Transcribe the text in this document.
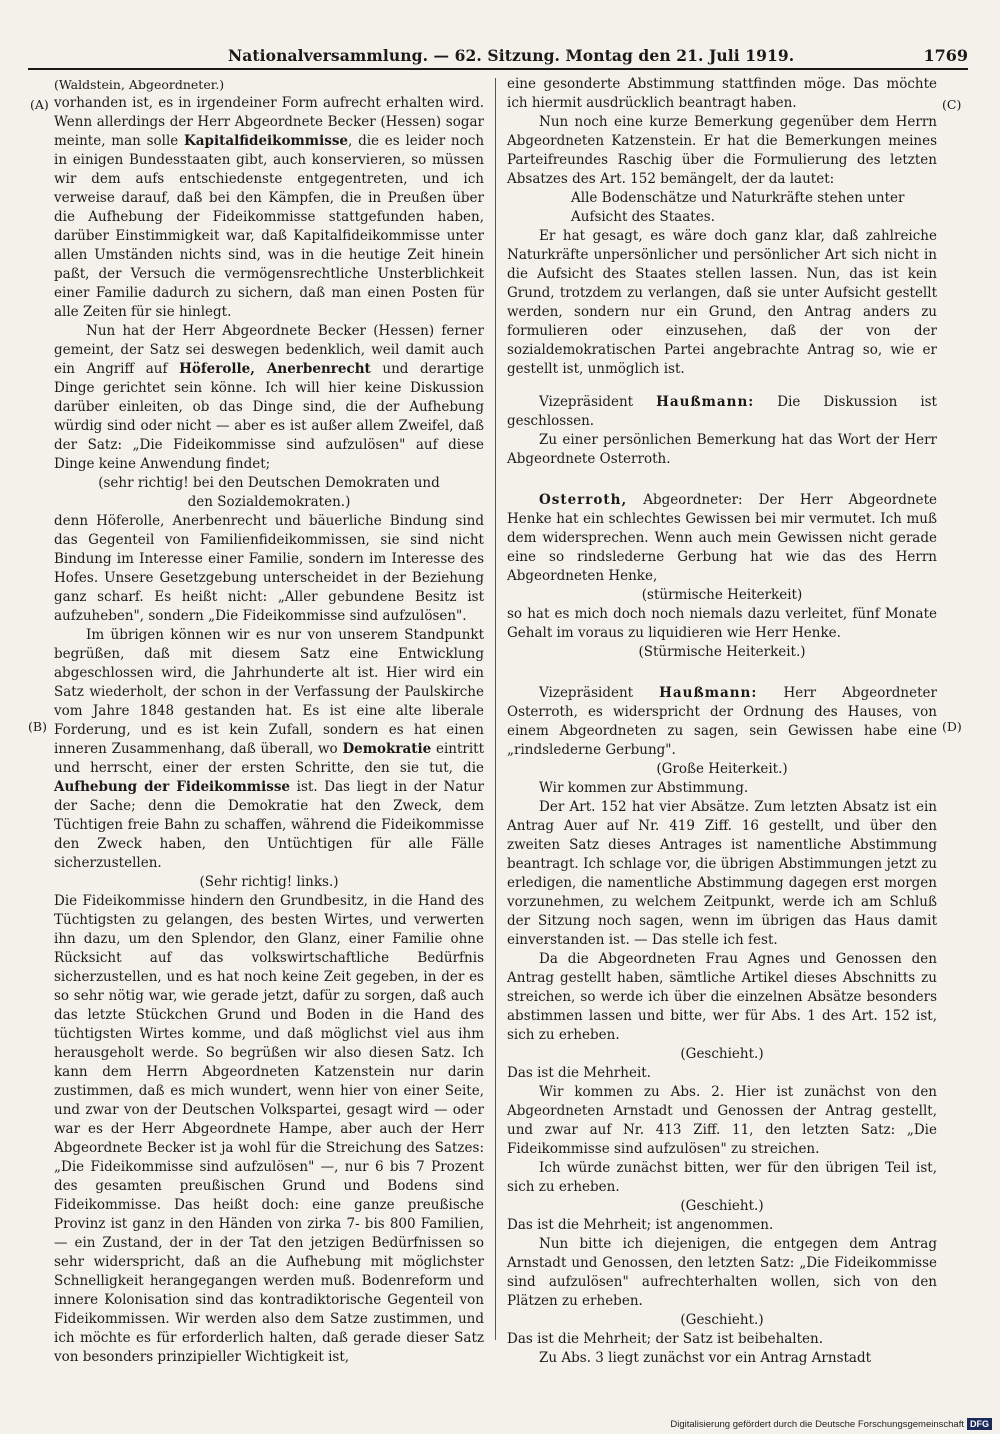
Nationalversammlung. — 62. Sitzung. Montag den 21. Juli 1919.	1769
(A)
(B)
(C)
(D)

(Waldstein, Abgeordneter.)

vorhanden ist, es in irgendeiner Form aufrecht erhalten wird. Wenn allerdings der Herr Abgeordnete Becker (Hessen) sogar meinte, man solle Kapitalfideikommisse, die es leider noch in einigen Bundesstaaten gibt, auch konservieren, so müssen wir dem aufs entschiedenste entgegentreten, und ich verweise darauf, daß bei den Kämpfen, die in Preußen über die Aufhebung der Fideikommisse stattgefunden haben, darüber Einstimmigkeit war, daß Kapitalfideikommisse unter allen Umständen nichts sind, was in die heutige Zeit hinein paßt, der Versuch die vermögensrechtliche Unsterblichkeit einer Familie dadurch zu sichern, daß man einen Posten für alle Zeiten für sie hinlegt.

Nun hat der Herr Abgeordnete Becker (Hessen) ferner gemeint, der Satz sei deswegen bedenklich, weil damit auch ein Angriff auf Höferolle, Anerbenrecht und derartige Dinge gerichtet sein könne. Ich will hier keine Diskussion darüber einleiten, ob das Dinge sind, die der Aufhebung würdig sind oder nicht — aber es ist außer allem Zweifel, daß der Satz: „Die Fideikommisse sind aufzulösen" auf diese Dinge keine Anwendung findet;

(sehr richtig! bei den Deutschen Demokraten und

den Sozialdemokraten.)

denn Höferolle, Anerbenrecht und bäuerliche Bindung sind das Gegenteil von Familienfideikommissen, sie sind nicht Bindung im Interesse einer Familie, sondern im Interesse des Hofes. Unsere Gesetzgebung unterscheidet in der Beziehung ganz scharf. Es heißt nicht: „Aller gebundene Besitz ist aufzuheben", sondern „Die Fideikommisse sind aufzulösen".

Im übrigen können wir es nur von unserem Standpunkt begrüßen, daß mit diesem Satz eine Entwicklung abgeschlossen wird, die Jahrhunderte alt ist. Hier wird ein Satz wiederholt, der schon in der Verfassung der Paulskirche vom Jahre 1848 gestanden hat. Es ist eine alte liberale Forderung, und es ist kein Zufall, sondern es hat einen inneren Zusammenhang, daß überall, wo Demokratie eintritt und herrscht, einer der ersten Schritte, den sie tut, die Aufhebung der Fideikommisse ist. Das liegt in der Natur der Sache; denn die Demokratie hat den Zweck, dem Tüchtigen freie Bahn zu schaffen, während die Fideikommisse den Zweck haben, den Untüchtigen für alle Fälle sicherzustellen.

(Sehr richtig! links.)

Die Fideikommisse hindern den Grundbesitz, in die Hand des Tüchtigsten zu gelangen, des besten Wirtes, und verwerten ihn dazu, um den Splendor, den Glanz, einer Familie ohne Rücksicht auf das volkswirtschaftliche Bedürfnis sicherzustellen, und es hat noch keine Zeit gegeben, in der es so sehr nötig war, wie gerade jetzt, dafür zu sorgen, daß auch das letzte Stückchen Grund und Boden in die Hand des tüchtigsten Wirtes komme, und daß möglichst viel aus ihm herausgeholt werde. So begrüßen wir also diesen Satz. Ich kann dem Herrn Abgeordneten Katzenstein nur darin zustimmen, daß es mich wundert, wenn hier von einer Seite, und zwar von der Deutschen Volkspartei, gesagt wird — oder war es der Herr Abgeordnete Hampe, aber auch der Herr Abgeordnete Becker ist ja wohl für die Streichung des Satzes: „Die Fideikommisse sind aufzulösen" —, nur 6 bis 7 Prozent des gesamten preußischen Grund und Bodens sind Fideikommisse. Das heißt doch: eine ganze preußische Provinz ist ganz in den Händen von zirka 7- bis 800 Familien, — ein Zustand, der in der Tat den jetzigen Bedürfnissen so sehr widerspricht, daß an die Aufhebung mit möglichster Schnelligkeit herangegangen werden muß. Bodenreform und innere Kolonisation sind das kontradiktorische Gegenteil von Fideikommissen. Wir werden also dem Satze zustimmen, und ich möchte es für erforderlich halten, daß gerade dieser Satz von besonders prinzipieller Wichtigkeit ist,

eine gesonderte Abstimmung stattfinden möge. Das möchte ich hiermit ausdrücklich beantragt haben.

Nun noch eine kurze Bemerkung gegenüber dem Herrn Abgeordneten Katzenstein. Er hat die Bemerkungen meines Parteifreundes Raschig über die Formulierung des letzten Absatzes des Art. 152 bemängelt, der da lautet:

Alle Bodenschätze und Naturkräfte stehen unter Aufsicht des Staates.

Er hat gesagt, es wäre doch ganz klar, daß zahlreiche Naturkräfte unpersönlicher und persönlicher Art sich nicht in die Aufsicht des Staates stellen lassen. Nun, das ist kein Grund, trotzdem zu verlangen, daß sie unter Aufsicht gestellt werden, sondern nur ein Grund, den Antrag anders zu formulieren oder einzusehen, daß der von der sozialdemokratischen Partei angebrachte Antrag so, wie er gestellt ist, unmöglich ist.

Vizepräsident Haußmann: Die Diskussion ist geschlossen.

Zu einer persönlichen Bemerkung hat das Wort der Herr Abgeordnete Osterroth.

Osterroth, Abgeordneter: Der Herr Abgeordnete Henke hat ein schlechtes Gewissen bei mir vermutet. Ich muß dem widersprechen. Wenn auch mein Gewissen nicht gerade eine so rindslederne Gerbung hat wie das des Herrn Abgeordneten Henke,

(stürmische Heiterkeit)

so hat es mich doch noch niemals dazu verleitet, fünf Monate Gehalt im voraus zu liquidieren wie Herr Henke.

(Stürmische Heiterkeit.)

Vizepräsident Haußmann: Herr Abgeordneter Osterroth, es widerspricht der Ordnung des Hauses, von einem Abgeordneten zu sagen, sein Gewissen habe eine „rindslederne Gerbung".

(Große Heiterkeit.)

Wir kommen zur Abstimmung.

Der Art. 152 hat vier Absätze. Zum letzten Absatz ist ein Antrag Auer auf Nr. 419 Ziff. 16 gestellt, und über den zweiten Satz dieses Antrages ist namentliche Abstimmung beantragt. Ich schlage vor, die übrigen Abstimmungen jetzt zu erledigen, die namentliche Abstimmung dagegen erst morgen vorzunehmen, zu welchem Zeitpunkt, werde ich am Schluß der Sitzung noch sagen, wenn im übrigen das Haus damit einverstanden ist. — Das stelle ich fest.

Da die Abgeordneten Frau Agnes und Genossen den Antrag gestellt haben, sämtliche Artikel dieses Abschnitts zu streichen, so werde ich über die einzelnen Absätze besonders abstimmen lassen und bitte, wer für Abs. 1 des Art. 152 ist, sich zu erheben.

(Geschieht.)

Das ist die Mehrheit.

Wir kommen zu Abs. 2. Hier ist zunächst von den Abgeordneten Arnstadt und Genossen der Antrag gestellt, und zwar auf Nr. 413 Ziff. 11, den letzten Satz: „Die Fideikommisse sind aufzulösen" zu streichen.

Ich würde zunächst bitten, wer für den übrigen Teil ist, sich zu erheben.

(Geschieht.)

Das ist die Mehrheit; ist angenommen.

Nun bitte ich diejenigen, die entgegen dem Antrag Arnstadt und Genossen, den letzten Satz: „Die Fideikommisse sind aufzulösen" aufrechterhalten wollen, sich von den Plätzen zu erheben.

(Geschieht.)

Das ist die Mehrheit; der Satz ist beibehalten.

Zu Abs. 3 liegt zunächst vor ein Antrag Arnstadt

Digitalisierung gefördert durch die Deutsche Forschungsgemeinschaft DFG
